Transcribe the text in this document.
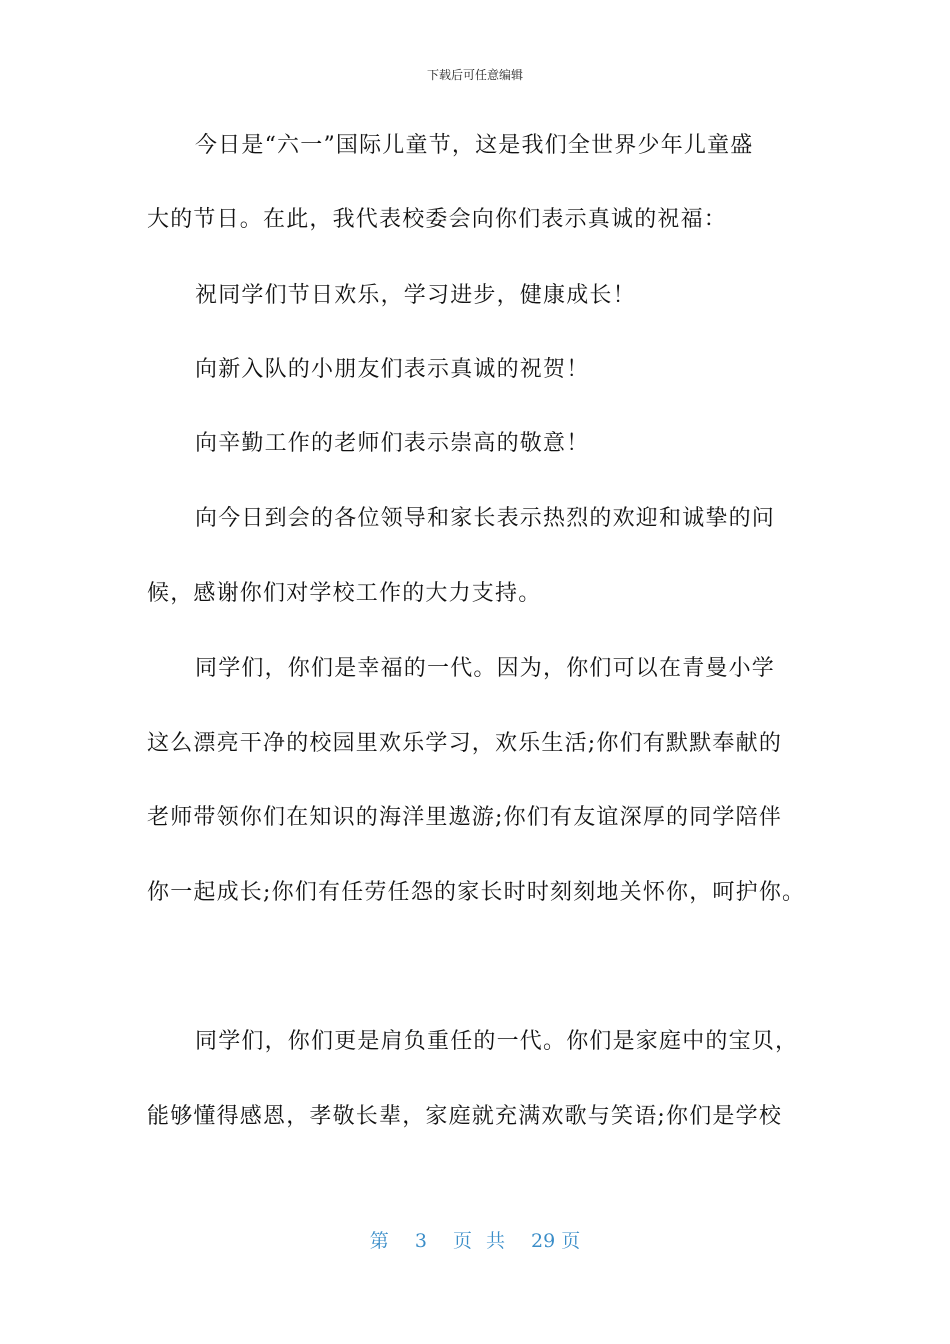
下载后可任意编辑
今日是“六一”国际儿童节，这是我们全世界少年儿童盛
大的节日。在此，我代表校委会向你们表示真诚的祝福：
祝同学们节日欢乐，学习进步，健康成长！
向新入队的小朋友们表示真诚的祝贺！
向辛勤工作的老师们表示崇高的敬意！
向今日到会的各位领导和家长表示热烈的欢迎和诚挚的问
候，感谢你们对学校工作的大力支持。
同学们，你们是幸福的一代。因为，你们可以在青曼小学
这么漂亮干净的校园里欢乐学习，欢乐生活;你们有默默奉献的
老师带领你们在知识的海洋里遨游;你们有友谊深厚的同学陪伴
你一起成长;你们有任劳任怨的家长时时刻刻地关怀你，呵护你。
同学们，你们更是肩负重任的一代。你们是家庭中的宝贝，
能够懂得感恩，孝敬长辈，家庭就充满欢歌与笑语;你们是学校
第 3 页 共 29 页
